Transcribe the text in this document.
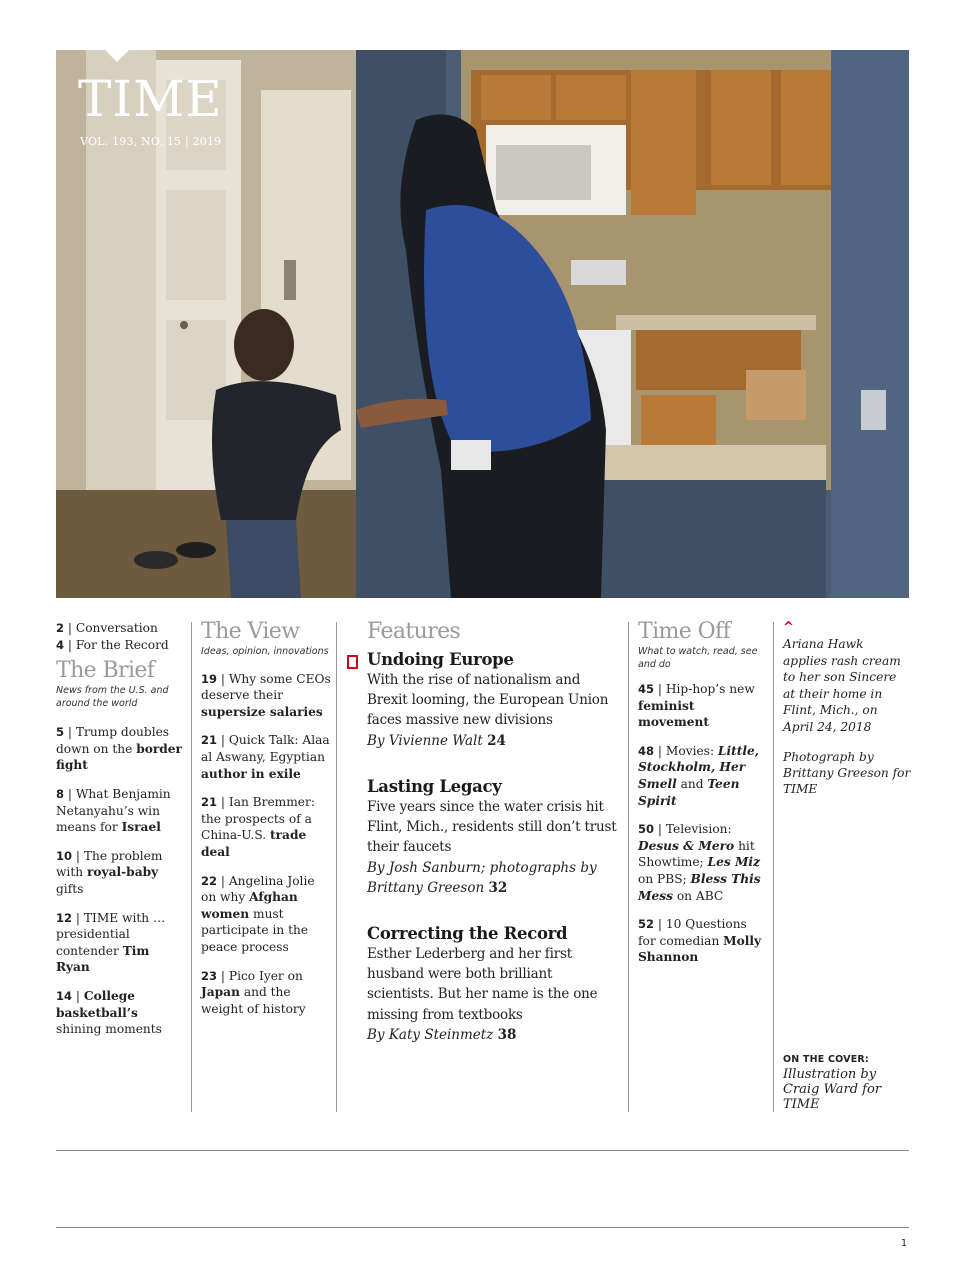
TIME
VOL. 193, NO. 15 | 2019
2 | Conversation
4 | For the Record
The Brief
News from the U.S. and around the world
5 | Trump doubles down on the border fight
8 | What Benjamin Netanyahu’s win means for Israel
10 | The problem with royal-baby gifts
12 | TIME with … presidential contender Tim Ryan
14 | College basketball’s shining moments
The View
Ideas, opinion, innovations
19 | Why some CEOs deserve their supersize salaries
21 | Quick Talk: Alaa al Aswany, Egyptian author in exile
21 | Ian Bremmer: the prospects of a China-U.S. trade deal
22 | Angelina Jolie on why Afghan women must participate in the peace process
23 | Pico Iyer on Japan and the weight of history
Features
Undoing Europe
With the rise of nationalism and Brexit looming, the European Union faces massive new divisions
By Vivienne Walt 24
Lasting Legacy
Five years since the water crisis hit Flint, Mich., residents still don’t trust their faucets
By Josh Sanburn; photographs by Brittany Greeson 32
Correcting the Record
Esther Lederberg and her first husband were both brilliant scientists. But her name is the one missing from textbooks
By Katy Steinmetz 38
Time Off
What to watch, read, see and do
45 | Hip-hop’s new feminist movement
48 | Movies: Little, Stockholm, Her Smell and Teen Spirit
50 | Television: Desus & Mero hit Showtime; Les Miz on PBS; Bless This Mess on ABC
52 | 10 Questions for comedian Molly Shannon
^
Ariana Hawk applies rash cream to her son Sincere at their home in Flint, Mich., on April 24, 2018
Photograph by Brittany Greeson for TIME
ON THE COVER:
Illustration by Craig Ward for TIME
1
